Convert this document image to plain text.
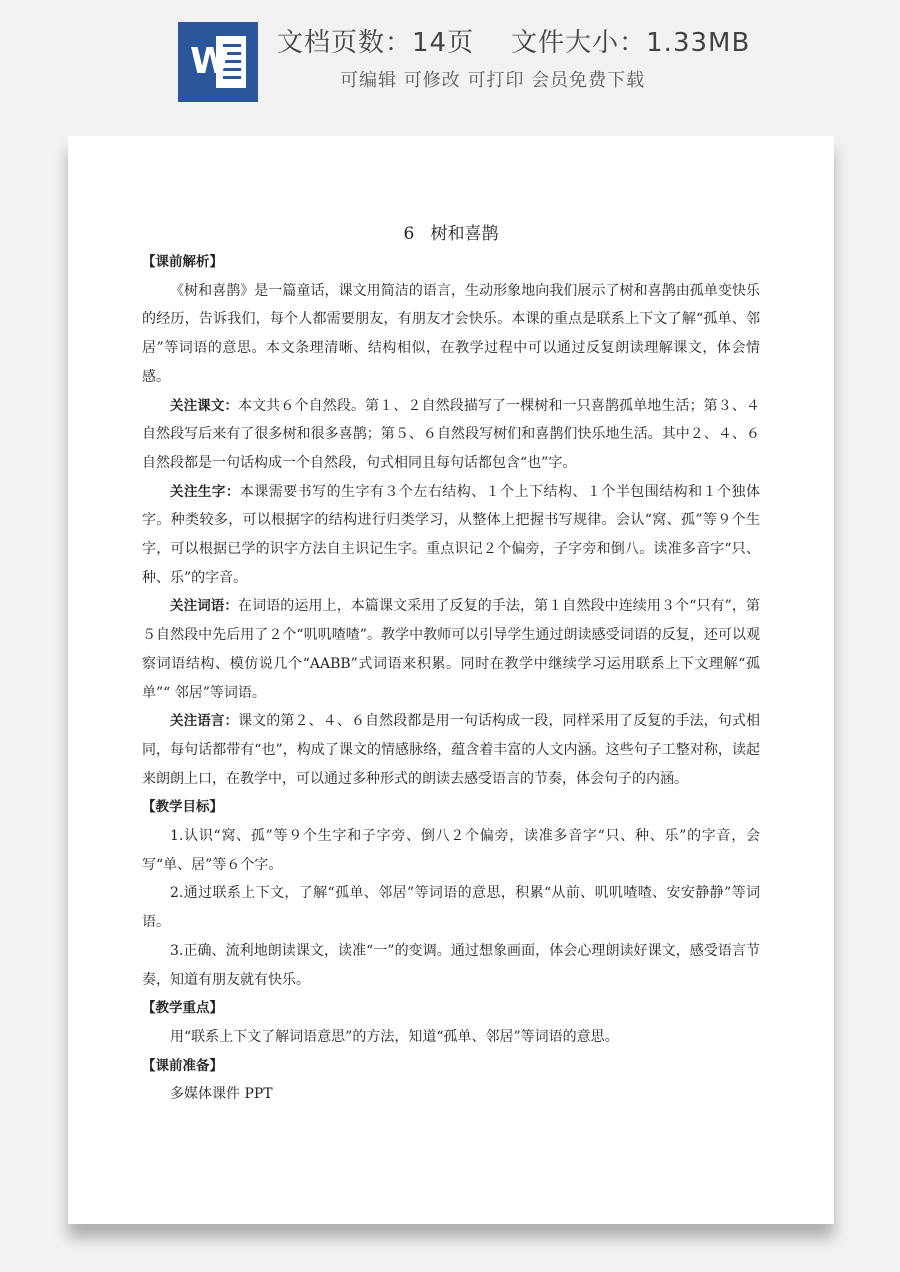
W 文档页数：14页    文件大小：1.33MB
可编辑 可修改 可打印 会员免费下载
6   树和喜鹊
【课前解析】
《树和喜鹊》是一篇童话，课文用简洁的语言，生动形象地向我们展示了树和喜鹊由孤单变快乐的经历，告诉我们，每个人都需要朋友，有朋友才会快乐。本课的重点是联系上下文了解“孤单、邻居”等词语的意思。本文条理清晰、结构相似，在教学过程中可以通过反复朗读理解课文，体会情感。
关注课文：本文共６个自然段。第１、２自然段描写了一棵树和一只喜鹊孤单地生活；第３、４自然段写后来有了很多树和很多喜鹊；第５、６自然段写树们和喜鹊们快乐地生活。其中２、４、６自然段都是一句话构成一个自然段，句式相同且每句话都包含“也”字。
关注生字：本课需要书写的生字有３个左右结构、１个上下结构、１个半包围结构和１个独体字。种类较多，可以根据字的结构进行归类学习，从整体上把握书写规律。会认“窝、孤”等９个生字，可以根据已学的识字方法自主识记生字。重点识记２个偏旁，子字旁和倒八。读准多音字“只、种、乐”的字音。
关注词语：在词语的运用上，本篇课文采用了反复的手法，第１自然段中连续用３个“只有”，第５自然段中先后用了２个“叽叽喳喳”。教学中教师可以引导学生通过朗读感受词语的反复，还可以观察词语结构、模仿说几个“AABB”式词语来积累。同时在教学中继续学习运用联系上下文理解“孤单”“ 邻居”等词语。
关注语言：课文的第２、４、６自然段都是用一句话构成一段，同样采用了反复的手法，句式相同，每句话都带有“也”，构成了课文的情感脉络，蕴含着丰富的人文内涵。这些句子工整对称，读起来朗朗上口，在教学中，可以通过多种形式的朗读去感受语言的节奏，体会句子的内涵。
【教学目标】
1.认识“窝、孤”等９个生字和子字旁、倒八２个偏旁，读准多音字“只、种、乐”的字音，会写“单、居”等６个字。
2.通过联系上下文，了解“孤单、邻居”等词语的意思，积累“从前、叽叽喳喳、安安静静”等词语。
3.正确、流利地朗读课文，读准“一”的变调。通过想象画面，体会心理朗读好课文，感受语言节奏，知道有朋友就有快乐。
【教学重点】
用“联系上下文了解词语意思”的方法，知道“孤单、邻居”等词语的意思。
【课前准备】
多媒体课件 PPT
